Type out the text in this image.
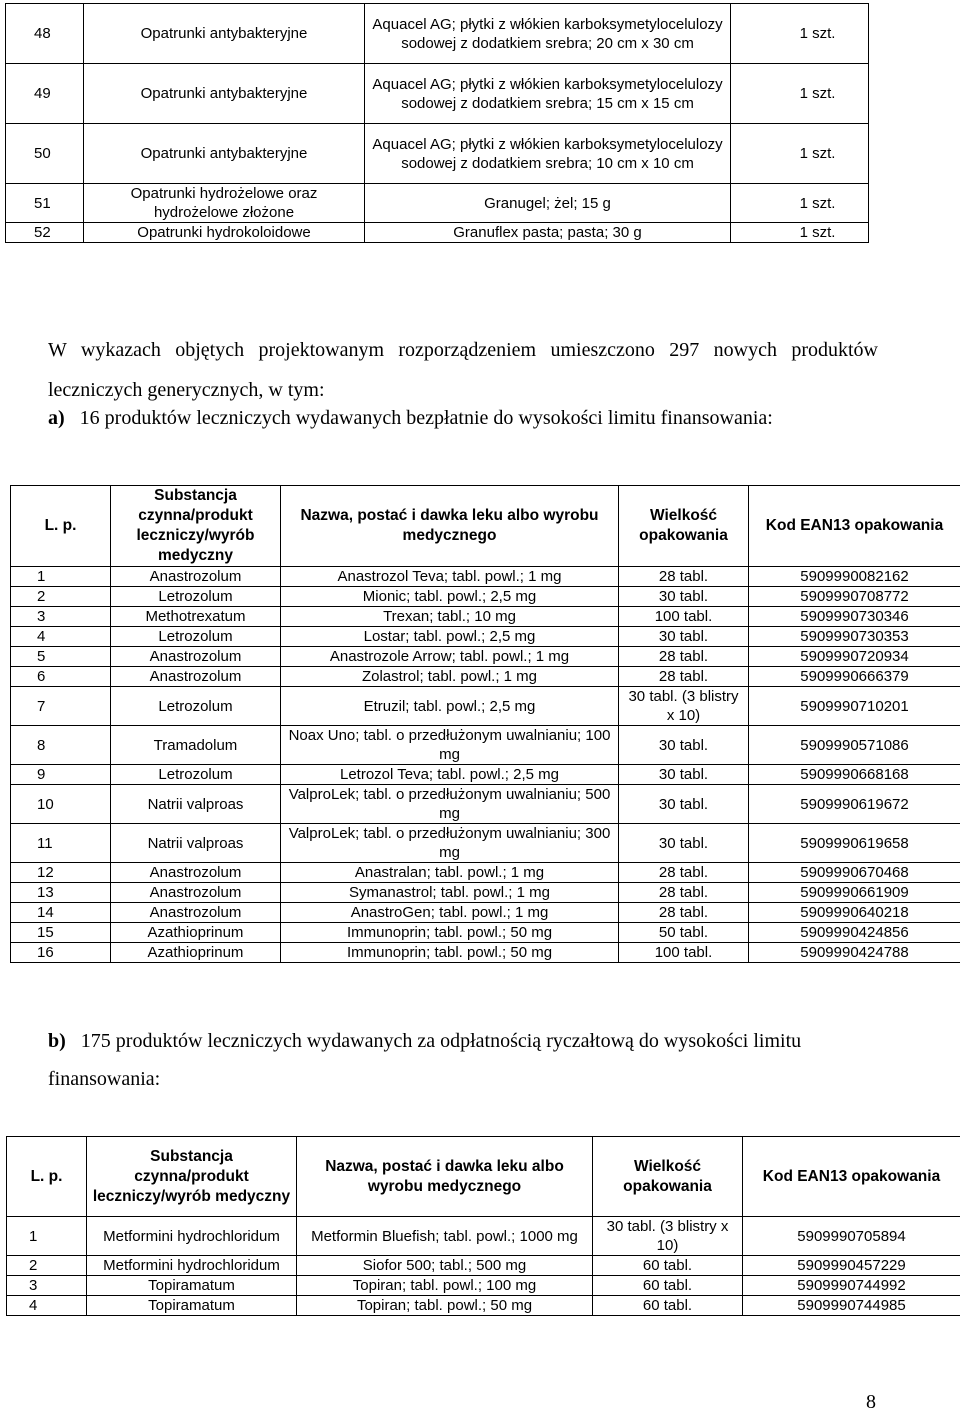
48	Opatrunki antybakteryjne	Aquacel AG; płytki z włókien karboksymetylocelulozy sodowej z dodatkiem srebra; 20 cm x 30 cm	1 szt.
49	Opatrunki antybakteryjne	Aquacel AG; płytki z włókien karboksymetylocelulozy sodowej z dodatkiem srebra; 15 cm x 15 cm	1 szt.
50	Opatrunki antybakteryjne	Aquacel AG; płytki z włókien karboksymetylocelulozy sodowej z dodatkiem srebra; 10 cm x 10 cm	1 szt.
51	Opatrunki hydrożelowe oraz hydrożelowe złożone	Granugel; żel; 15 g	1 szt.
52	Opatrunki hydrokoloidowe	Granuflex pasta; pasta; 30 g	1 szt.

W wykazach objętych projektowanym rozporządzeniem umieszczono 297 nowych produktów leczniczych generycznych, w tym:

a) 16 produktów leczniczych wydawanych bezpłatnie do wysokości limitu finansowania:

L. p.	Substancja czynna/produkt leczniczy/wyrób medyczny	Nazwa, postać i dawka leku albo wyrobu medycznego	Wielkość opakowania	Kod EAN13 opakowania
1	Anastrozolum	Anastrozol Teva; tabl. powl.; 1 mg	28 tabl.	5909990082162
2	Letrozolum	Mionic; tabl. powl.; 2,5 mg	30 tabl.	5909990708772
3	Methotrexatum	Trexan; tabl.; 10 mg	100 tabl.	5909990730346
4	Letrozolum	Lostar; tabl. powl.; 2,5 mg	30 tabl.	5909990730353
5	Anastrozolum	Anastrozole Arrow; tabl. powl.; 1 mg	28 tabl.	5909990720934
6	Anastrozolum	Zolastrol; tabl. powl.; 1 mg	28 tabl.	5909990666379
7	Letrozolum	Etruzil; tabl. powl.; 2,5 mg	30 tabl. (3 blistry x 10)	5909990710201
8	Tramadolum	Noax Uno; tabl. o przedłużonym uwalnianiu; 100 mg	30 tabl.	5909990571086
9	Letrozolum	Letrozol Teva; tabl. powl.; 2,5 mg	30 tabl.	5909990668168
10	Natrii valproas	ValproLek; tabl. o przedłużonym uwalnianiu; 500 mg	30 tabl.	5909990619672
11	Natrii valproas	ValproLek; tabl. o przedłużonym uwalnianiu; 300 mg	30 tabl.	5909990619658
12	Anastrozolum	Anastralan; tabl. powl.; 1 mg	28 tabl.	5909990670468
13	Anastrozolum	Symanastrol; tabl. powl.; 1 mg	28 tabl.	5909990661909
14	Anastrozolum	AnastroGen; tabl. powl.; 1 mg	28 tabl.	5909990640218
15	Azathioprinum	Immunoprin; tabl. powl.; 50 mg	50 tabl.	5909990424856
16	Azathioprinum	Immunoprin; tabl. powl.; 50 mg	100 tabl.	5909990424788

b) 175 produktów leczniczych wydawanych za odpłatnością ryczałtową do wysokości limitu finansowania:

L. p.	Substancja czynna/produkt leczniczy/wyrób medyczny	Nazwa, postać i dawka leku albo wyrobu medycznego	Wielkość opakowania	Kod EAN13 opakowania
1	Metformini hydrochloridum	Metformin Bluefish; tabl. powl.; 1000 mg	30 tabl. (3 blistry x 10)	5909990705894
2	Metformini hydrochloridum	Siofor 500; tabl.; 500 mg	60 tabl.	5909990457229
3	Topiramatum	Topiran; tabl. powl.; 100 mg	60 tabl.	5909990744992
4	Topiramatum	Topiran; tabl. powl.; 50 mg	60 tabl.	5909990744985
8
